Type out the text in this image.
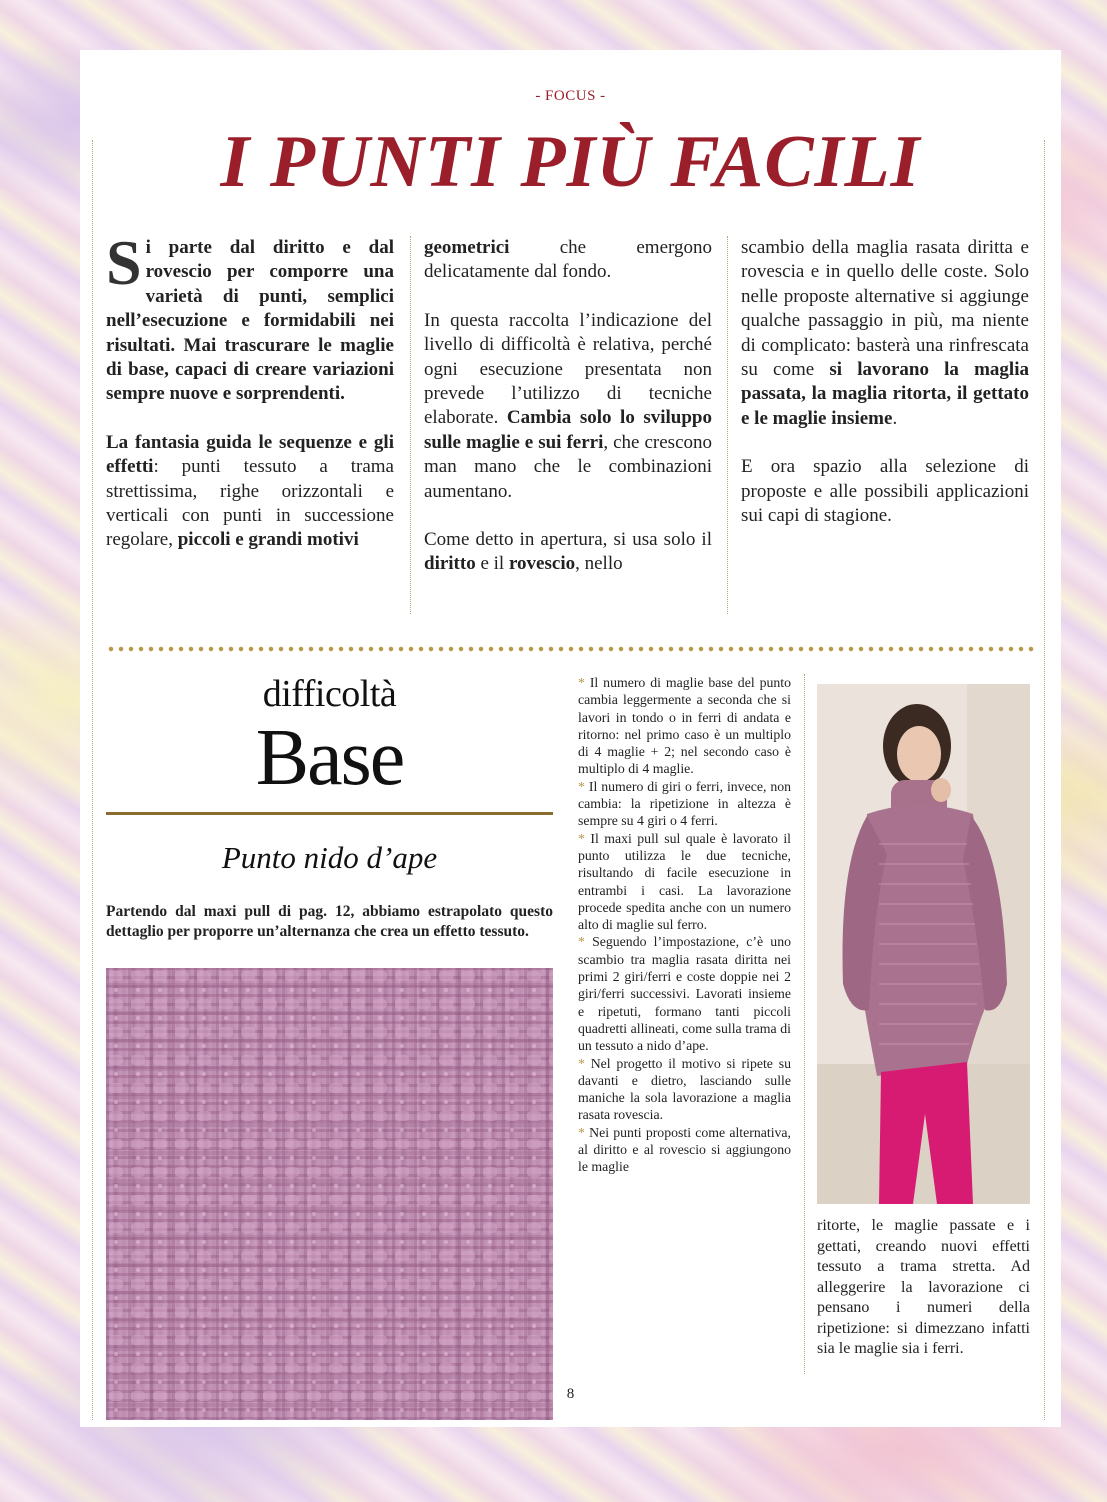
- FOCUS -
I PUNTI PIÙ FACILI

Si parte dal diritto e dal rovescio per comporre una varietà di punti, semplici nell’esecuzione e formidabili nei risultati. Mai trascurare le maglie di base, capaci di creare variazioni sempre nuove e sorprendenti.

La fantasia guida le sequenze e gli effetti: punti tessuto a trama strettissima, righe orizzontali e verticali con punti in successione regolare, piccoli e grandi motivi

geometrici che emergono delicatamente dal fondo.

In questa raccolta l’indicazione del livello di difficoltà è relativa, perché ogni esecuzione presentata non prevede l’utilizzo di tecniche elaborate. Cambia solo lo sviluppo sulle maglie e sui ferri, che crescono man mano che le combinazioni aumentano.

Come detto in apertura, si usa solo il diritto e il rovescio, nello

scambio della maglia rasata diritta e rovescia e in quello delle coste. Solo nelle proposte alternative si aggiunge qualche passaggio in più, ma niente di complicato: basterà una rinfrescata su come si lavorano la maglia passata, la maglia ritorta, il gettato e le maglie insieme.

E ora spazio alla selezione di proposte e alle possibili applicazioni sui capi di stagione.

difficoltà
Base
Punto nido d’ape
Partendo dal maxi pull di pag. 12, abbiamo estrapolato questo dettaglio per proporre un’alternanza che crea un effetto tessuto.

* Il numero di maglie base del punto cambia leggermente a seconda che si lavori in tondo o in ferri di andata e ritorno: nel primo caso è un multiplo di 4 maglie + 2; nel secondo caso è multiplo di 4 maglie.

* Il numero di giri o ferri, invece, non cambia: la ripetizione in altezza è sempre su 4 giri o 4 ferri.

* Il maxi pull sul quale è lavorato il punto utilizza le due tecniche, risultando di facile esecuzione in entrambi i casi. La lavorazione procede spedita anche con un numero alto di maglie sul ferro.

* Seguendo l’impostazione, c’è uno scambio tra maglia rasata diritta nei primi 2 giri/ferri e coste doppie nei 2 giri/ferri successivi. Lavorati insieme e ripetuti, formano tanti piccoli quadretti allineati, come sulla trama di un tessuto a nido d’ape.

* Nel progetto il motivo si ripete su davanti e dietro, lasciando sulle maniche la sola lavorazione a maglia rasata rovescia.

* Nei punti proposti come alternativa, al diritto e al rovescio si aggiungono le maglie

ritorte, le maglie passate e i gettati, creando nuovi effetti tessuto a trama stretta. Ad alleggerire la lavorazione ci pensano i numeri della ripetizione: si dimezzano infatti sia le maglie sia i ferri.
8
